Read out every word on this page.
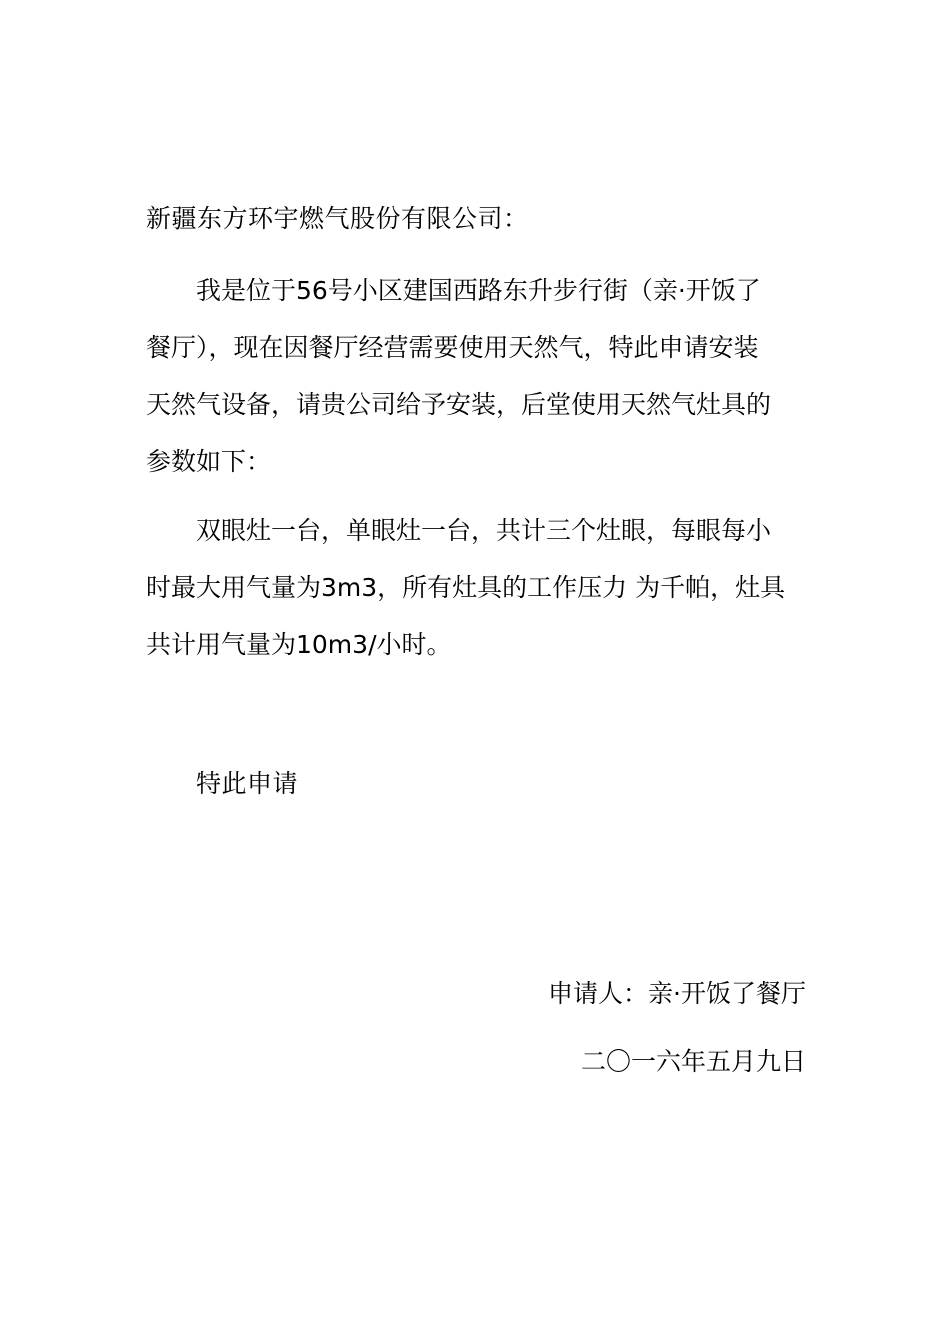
新疆东方环宇燃气股份有限公司：
我是位于56号小区建国西路东升步行街（亲·开饭了
餐厅），现在因餐厅经营需要使用天然气，特此申请安装
天然气设备，请贵公司给予安装，后堂使用天然气灶具的
参数如下：
双眼灶一台，单眼灶一台，共计三个灶眼，每眼每小
时最大用气量为3m3，所有灶具的工作压力 为千帕，灶具
共计用气量为10m3/小时。
特此申请
申请人：亲·开饭了餐厅
二〇一六年五月九日
